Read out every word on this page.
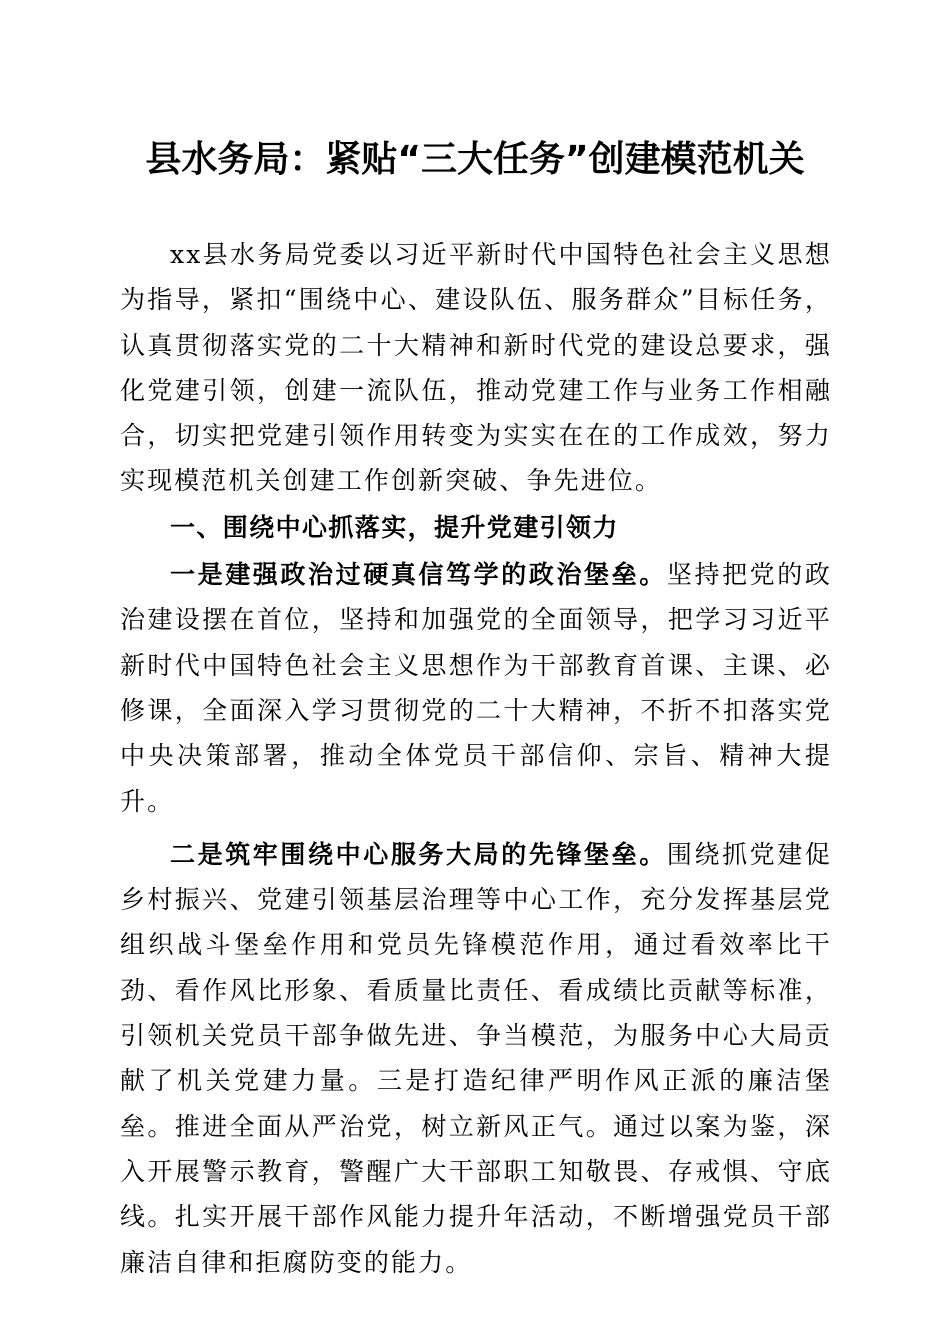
县水务局：紧贴“三大任务”创建模范机关

xx县水务局党委以习近平新时代中国特色社会主义思想为指导，紧扣“围绕中心、建设队伍、服务群众”目标任务，认真贯彻落实党的二十大精神和新时代党的建设总要求，强化党建引领，创建一流队伍，推动党建工作与业务工作相融合，切实把党建引领作用转变为实实在在的工作成效，努力实现模范机关创建工作创新突破、争先进位。

一、围绕中心抓落实，提升党建引领力

一是建强政治过硬真信笃学的政治堡垒。坚持把党的政治建设摆在首位，坚持和加强党的全面领导，把学习习近平新时代中国特色社会主义思想作为干部教育首课、主课、必修课，全面深入学习贯彻党的二十大精神，不折不扣落实党中央决策部署，推动全体党员干部信仰、宗旨、精神大提升。

二是筑牢围绕中心服务大局的先锋堡垒。围绕抓党建促乡村振兴、党建引领基层治理等中心工作，充分发挥基层党组织战斗堡垒作用和党员先锋模范作用，通过看效率比干劲、看作风比形象、看质量比责任、看成绩比贡献等标准，引领机关党员干部争做先进、争当模范，为服务中心大局贡献了机关党建力量。三是打造纪律严明作风正派的廉洁堡垒。推进全面从严治党，树立新风正气。通过以案为鉴，深入开展警示教育，警醒广大干部职工知敬畏、存戒惧、守底线。扎实开展干部作风能力提升年活动，不断增强党员干部廉洁自律和拒腐防变的能力。
